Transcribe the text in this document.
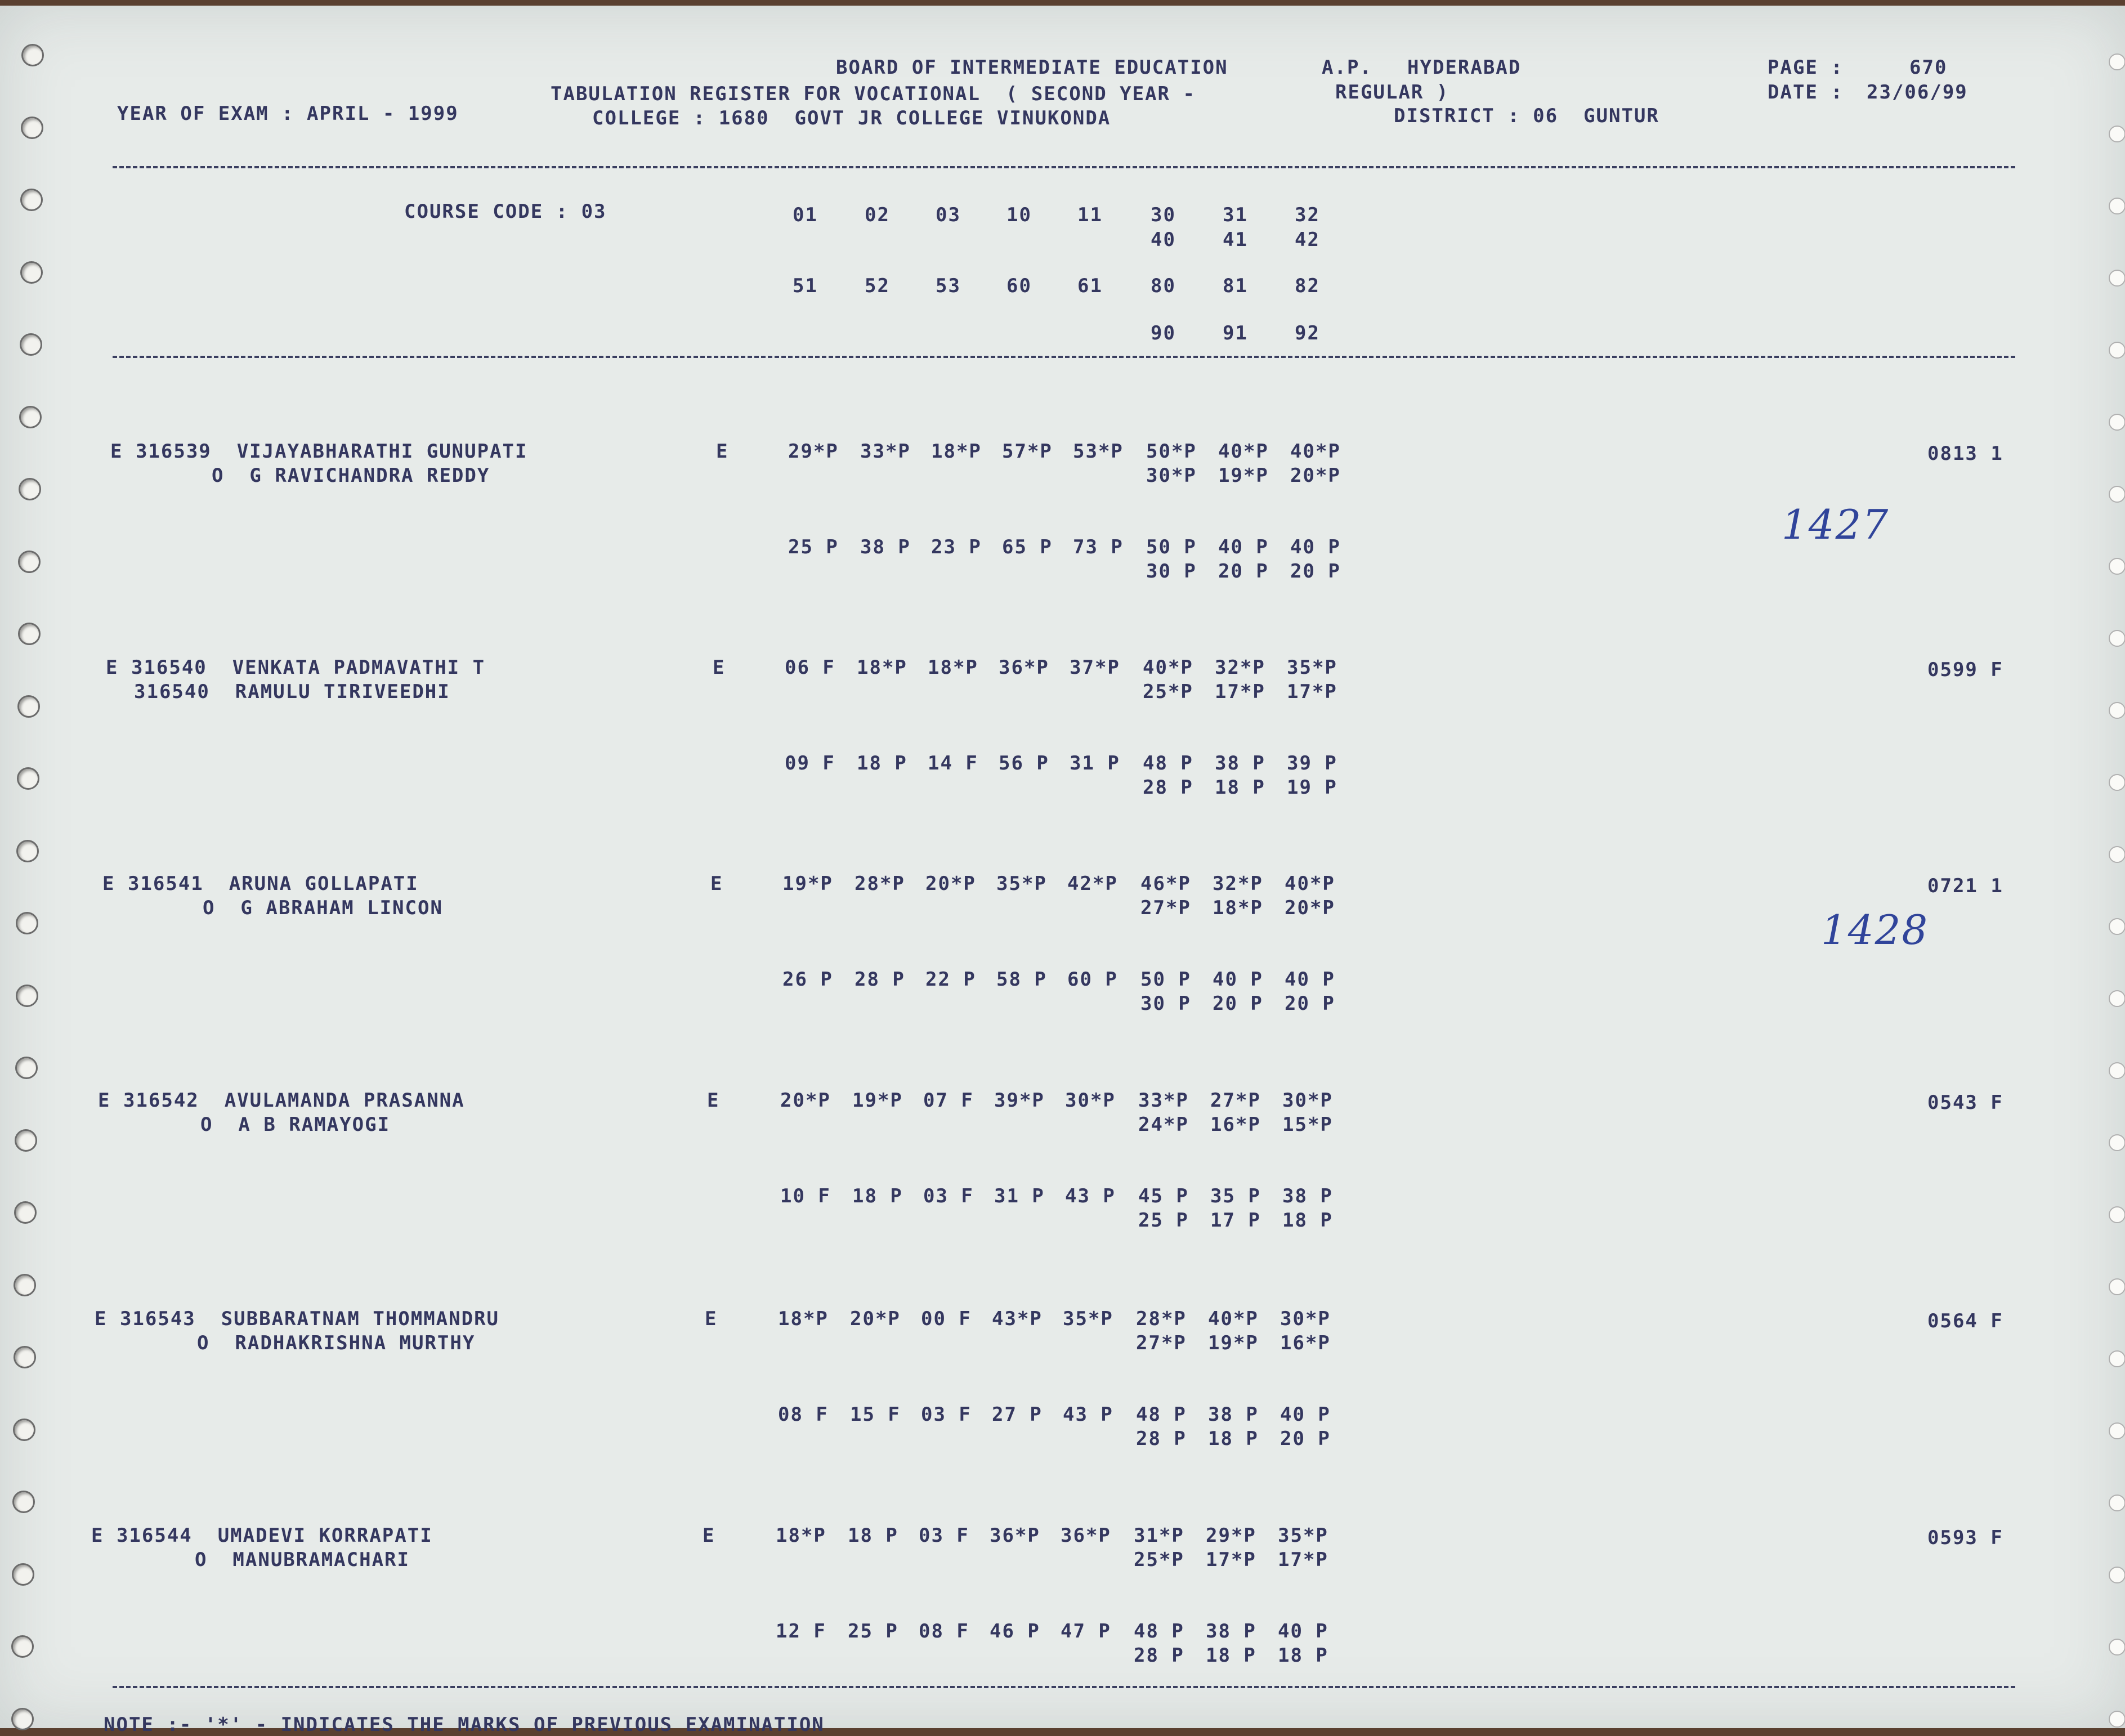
BOARD OF INTERMEDIATE EDUCATION	A.P. HYDERABAD	PAGE :	670
TABULATION REGISTER FOR VOCATIONAL  ( SECOND YEAR -	REGULAR )	DATE : 23/06/99
YEAR OF EXAM : APRIL - 1999	COLLEGE : 1680  GOVT JR COLLEGE VINUKONDA	DISTRICT : 06  GUNTUR
COURSE CODE : 03	01 02 03 10 11	30 31 32
40 41 42
51 52 53 60 61	80 81 82
90 91 92
E 316539  VIJAYABHARATHI GUNUPATI
O  G RAVICHANDRA REDDY
E	29*P 33*P 18*P 57*P 53*P 50*P 40*P 40*P
30*P 19*P 20*P
25 P 38 P 23 P 65 P 73 P 50 P 40 P 40 P
30 P 20 P 20 P
0813 1
1427
E 316540  VENKATA PADMAVATHI T
316540  RAMULU TIRIVEEDHI
E	06 F 18*P 18*P 36*P 37*P 40*P 32*P 35*P
25*P 17*P 17*P
09 F 18 P 14 F 56 P 31 P 48 P 38 P 39 P
28 P 18 P 19 P
0599 F
E 316541  ARUNA GOLLAPATI
O  G ABRAHAM LINCON
E	19*P 28*P 20*P 35*P 42*P 46*P 32*P 40*P
27*P 18*P 20*P
26 P 28 P 22 P 58 P 60 P 50 P 40 P 40 P
30 P 20 P 20 P
0721 1
1428
E 316542  AVULAMANDA PRASANNA
O  A B RAMAYOGI
E	20*P 19*P 07 F 39*P 30*P 33*P 27*P 30*P
24*P 16*P 15*P
10 F 18 P 03 F 31 P 43 P 45 P 35 P 38 P
25 P 17 P 18 P
0543 F
E 316543  SUBBARATNAM THOMMANDRU
O  RADHAKRISHNA MURTHY
E	18*P 20*P 00 F 43*P 35*P 28*P 40*P 30*P
27*P 19*P 16*P
08 F 15 F 03 F 27 P 43 P 48 P 38 P 40 P
28 P 18 P 20 P
0564 F
E 316544  UMADEVI KORRAPATI
O  MANUBRAMACHARI
E	18*P 18 P 03 F 36*P 36*P 31*P 29*P 35*P
25*P 17*P 17*P
12 F 25 P 08 F 46 P 47 P 48 P 38 P 40 P
28 P 18 P 18 P
0593 F
NOTE :- '*' - INDICATES THE MARKS OF PREVIOUS EXAMINATION
